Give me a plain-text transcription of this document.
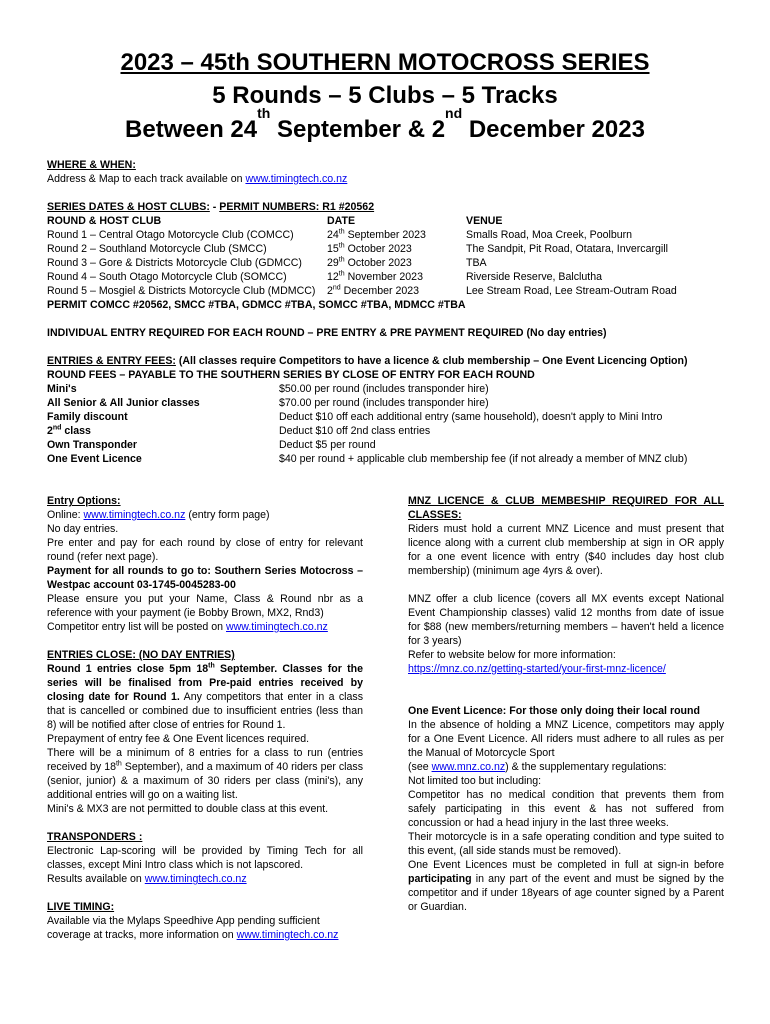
2023 – 45th SOUTHERN MOTOCROSS SERIES
5 Rounds – 5 Clubs – 5 Tracks
Between 24th September & 2nd December 2023

WHERE & WHEN:

Address & Map to each track available on www.timingtech.co.nz

SERIES DATES & HOST CLUBS: - PERMIT NUMBERS: R1 #20562

ROUND & HOST CLUB	DATE	VENUE
Round 1 – Central Otago Motorcycle Club (COMCC)	24th September 2023	Smalls Road, Moa Creek, Poolburn
Round 2 – Southland Motorcycle Club (SMCC)	15th October 2023	The Sandpit, Pit Road, Otatara, Invercargill
Round 3 – Gore & Districts Motorcycle Club (GDMCC)	29th October 2023	TBA
Round 4 – South Otago Motorcycle Club (SOMCC)	12th November 2023	Riverside Reserve, Balclutha
Round 5 – Mosgiel & Districts Motorcycle Club (MDMCC)	2nd December 2023	Lee Stream Road, Lee Stream-Outram Road

PERMIT COMCC #20562, SMCC #TBA, GDMCC #TBA, SOMCC #TBA, MDMCC #TBA

INDIVIDUAL ENTRY REQUIRED FOR EACH ROUND – PRE ENTRY & PRE PAYMENT REQUIRED (No day entries)

ENTRIES & ENTRY FEES: (All classes require Competitors to have a licence & club membership – One Event Licencing Option)

ROUND FEES – PAYABLE TO THE SOUTHERN SERIES BY CLOSE OF ENTRY FOR EACH ROUND

Mini's	$50.00 per round (includes transponder hire)
All Senior & All Junior classes	$70.00 per round (includes transponder hire)
Family discount	Deduct $10 off each additional entry (same household), doesn't apply to Mini Intro
2nd class	Deduct $10 off 2nd class entries
Own Transponder	Deduct $5 per round
One Event Licence	$40 per round + applicable club membership fee (if not already a member of MNZ club)

Entry Options:

Online: www.timingtech.co.nz (entry form page)

No day entries.

Pre enter and pay for each round by close of entry for relevant round (refer next page).

Payment for all rounds to go to: Southern Series Motocross – Westpac account 03-1745-0045283-00

Please ensure you put your Name, Class & Round nbr as a reference with your payment (ie Bobby Brown, MX2, Rnd3)

Competitor entry list will be posted on www.timingtech.co.nz

ENTRIES CLOSE: (NO DAY ENTRIES)

Round 1 entries close 5pm 18th September. Classes for the series will be finalised from Pre-paid entries received by closing date for Round 1. Any competitors that enter in a class that is cancelled or combined due to insufficient entries (less than 8) will be notified after close of entries for Round 1.

Prepayment of entry fee & One Event licences required.

There will be a minimum of 8 entries for a class to run (entries received by 18th September), and a maximum of 40 riders per class (senior, junior) & a maximum of 30 riders per class (mini's), any additional entries will go on a waiting list.

Mini's & MX3 are not permitted to double class at this event.

TRANSPONDERS :

Electronic Lap-scoring will be provided by Timing Tech for all classes, except Mini Intro class which is not lapscored.

Results available on www.timingtech.co.nz

LIVE TIMING:

Available via the Mylaps Speedhive App pending sufficient coverage at tracks, more information on www.timingtech.co.nz

MNZ LICENCE & CLUB MEMBESHIP REQUIRED FOR ALL CLASSES:

Riders must hold a current MNZ Licence and must present that licence along with a current club membership at sign in OR apply for a one event licence with entry ($40 includes day host club membership) (minimum age 4yrs & over).

MNZ offer a club licence (covers all MX events except National Event Championship classes) valid 12 months from date of issue for $88 (new members/returning members – haven't held a licence for 3 years)

Refer to website below for more information:

https://mnz.co.nz/getting-started/your-first-mnz-licence/

One Event Licence: For those only doing their local round

In the absence of holding a MNZ Licence, competitors may apply for a One Event Licence. All riders must adhere to all rules as per the Manual of Motorcycle Sport

(see www.mnz.co.nz) & the supplementary regulations:

Not limited too but including:

Competitor has no medical condition that prevents them from safely participating in this event & has not suffered from concussion or had a head injury in the last three weeks.

Their motorcycle is in a safe operating condition and type suited to this event, (all side stands must be removed).

One Event Licences must be completed in full at sign-in before participating in any part of the event and must be signed by the competitor and if under 18years of age counter signed by a Parent or Guardian.
